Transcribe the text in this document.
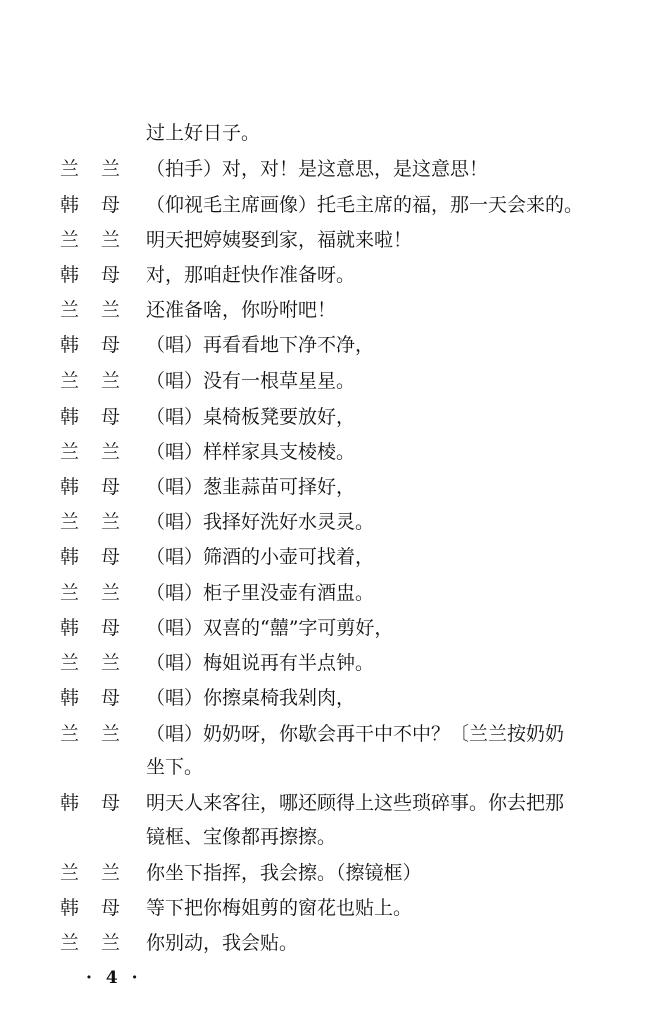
过上好日子。
兰兰 （拍手）对，对！是这意思，是这意思！
韩母 （仰视毛主席画像）托毛主席的福，那一天会来的。
兰兰 明天把婷姨娶到家，福就来啦！
韩母 对，那咱赶快作准备呀。
兰兰 还准备啥，你吩咐吧！
韩母 （唱）再看看地下净不净，
兰兰 （唱）没有一根草星星。
韩母 （唱）桌椅板凳要放好，
兰兰 （唱）样样家具支棱棱。
韩母 （唱）葱韭蒜苗可择好，
兰兰 （唱）我择好洗好水灵灵。
韩母 （唱）筛酒的小壶可找着，
兰兰 （唱）柜子里没壶有酒盅。
韩母 （唱）双喜的“囍”字可剪好，
兰兰 （唱）梅姐说再有半点钟。
韩母 （唱）你擦桌椅我剁肉，
兰兰 （唱）奶奶呀，你歇会再干中不中？〔兰兰按奶奶
坐下。
韩母 明天人来客往，哪还顾得上这些琐碎事。你去把那
镜框、宝像都再擦擦。
兰兰 你坐下指挥，我会擦。（擦镜框）
韩母 等下把你梅姐剪的窗花也贴上。
兰兰 你别动，我会贴。
· 4 ·
